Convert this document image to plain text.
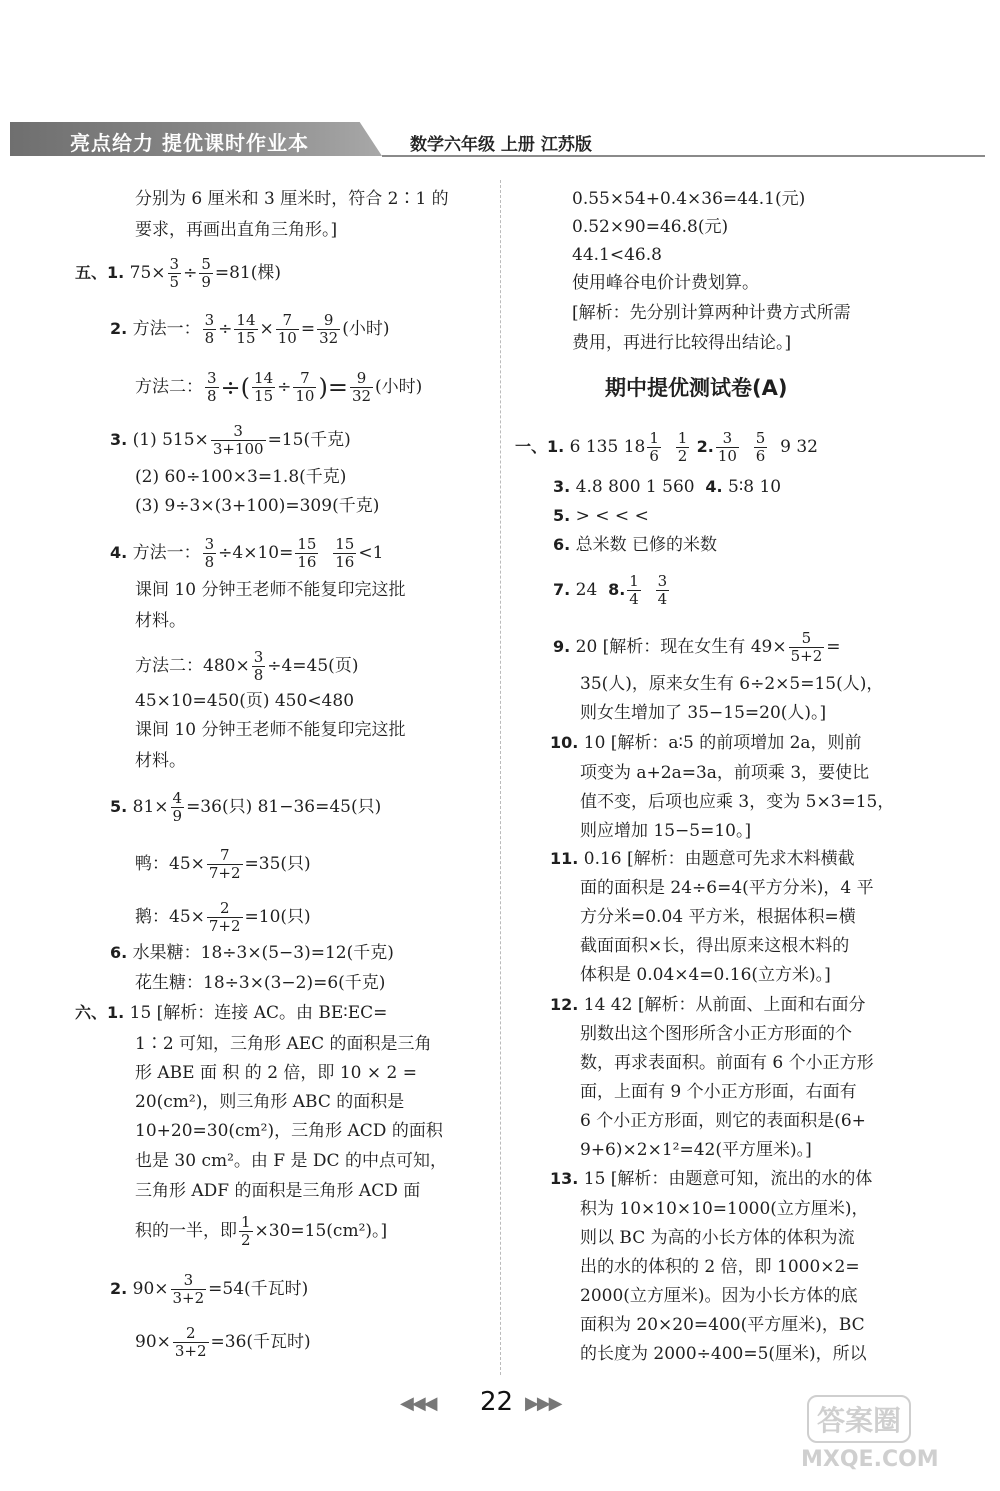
亮点给力 提优课时作业本	数学六年级 上册 江苏版
分别为 6 厘米和 3 厘米时，符合 2∶1 的
要求，再画出直角三角形。]
五、1. $75\times \frac{3}{5} \div \frac{5}{9} =81$(棵)
2. 方法一： $\frac{3}{8} \div \frac{14}{15} \times \frac{7}{10} = \frac{9}{32}$ (小时)
方法二： $\frac{3}{8}$ ÷( $\frac{14}{15} \div \frac{7}{10}$ )= $\frac{9}{32}$ (小时)
3. (1) $515\times \frac{3}{3+100} =15$(千克)
(2) 60÷100×3=1.8(千克)
(3) 9÷3×(3+100)=309(千克)
4. 方法一： $\frac{3}{8} \div 4\times 10= \frac{15}{16}$
$\frac{15}{16} <1$
课间 10 分钟王老师不能复印完这批
材料。
方法二：$480\times \frac{3}{8} \div 4=45$(页)
45×10=450(页) 450<480
课间 10 分钟王老师不能复印完这批
材料。
5. $81\times \frac{4}{9} =36$(只) 81−36=45(只)
鸭：$45\times \frac{7}{7+2} =35$(只)
鹅：$45\times \frac{2}{7+2} =10$(只)
6. 水果糖：18÷3×(5−3)=12(千克)
花生糖：18÷3×(3−2)=6(千克)
六、1. 15 [解析：连接 AC。由 BE∶EC=
1∶2 可知，三角形 AEC 的面积是三角
形 ABE 面 积 的 2 倍，即 10 × 2 =
20(cm²)，则三角形 ABC 的面积是
10+20=30(cm²)，三角形 ACD 的面积
也是 30 cm²。由 F 是 DC 的中点可知，
三角形 ADF 的面积是三角形 ACD 面
积的一半，即 $\frac{1}{2} \times 30=15(cm^2)$。]
2. $90\times \frac{3}{3+2} =54$(千瓦时)
$90\times \frac{2}{3+2} =36$(千瓦时)
0.55×54+0.4×36=44.1(元)
0.52×90=46.8(元)
44.1<46.8
使用峰谷电价计费划算。
[解析：先分别计算两种计费方式所需
费用，再进行比较得出结论。]
期中提优测试卷(A)
一、1. 6 135 $18 \frac{1}{6}$
$\frac{1}{2} 2$. $\frac{3}{10}$
$\frac{5}{6} 9$ 32
3. 4.8 800 1 560 4. 5∶8 10
5. > < < <
6. 总米数 已修的米数
7. 24 8. $\frac{1}{4}$
$\frac{3}{4}$
9. 20 [解析：现在女生有 $49\times \frac{5}{5+2}$ =
35(人)，原来女生有 6÷2×5=15(人)，
则女生增加了 35−15=20(人)。]
10. 10 [解析：a∶5 的前项增加 2a，则前
项变为 a+2a=3a，前项乘 3，要使比
值不变，后项也应乘 3，变为 5×3=15，
则应增加 15−5=10。]
11. 0.16 [解析：由题意可先求木料横截
面的面积是 24÷6=4(平方分米)，4 平
方分米=0.04 平方米，根据体积=横
截面面积×长，得出原来这根木料的
体积是 0.04×4=0.16(立方米)。]
12. 14 42 [解析：从前面、上面和右面分
别数出这个图形所含小正方形面的个
数，再求表面积。前面有 6 个小正方形
面，上面有 9 个小正方形面，右面有
6 个小正方形面，则它的表面积是(6+
9+6)×2×1²=42(平方厘米)。]
13. 15 [解析：由题意可知，流出的水的体
积为 10×10×10=1000(立方厘米)，
则以 BC 为高的小长方体的体积为流
出的水的体积的 2 倍，即 1000×2=
2000(立方厘米)。因为小长方体的底
面积为 20×20=400(平方厘米)，BC
的长度为 2000÷400=5(厘米)，所以
◀◀◀ 22 ▶▶▶
答案圈
MXQE.COM
